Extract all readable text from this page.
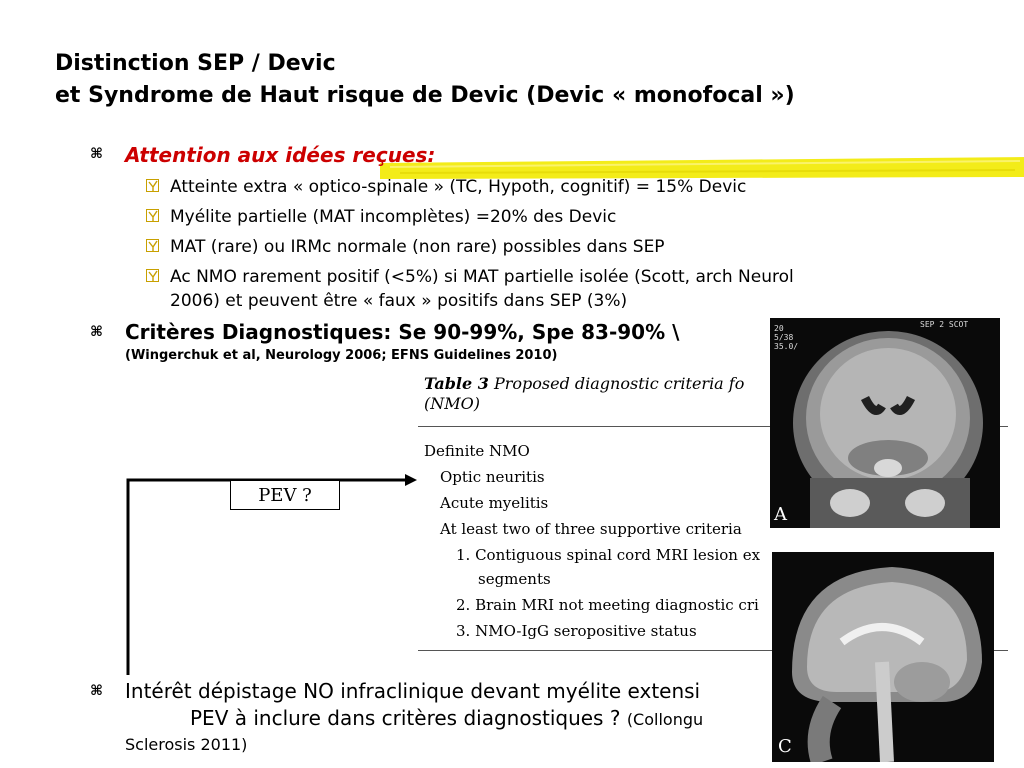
Distinction SEP / Devic
et Syndrome de Haut risque de Devic (Devic « monofocal »)
⌘ Attention aux idées reçues:
Atteinte extra « optico-spinale » (TC, Hypoth, cognitif) = 15% Devic
Myélite partielle (MAT incomplètes) =20% des Devic
MAT (rare) ou IRMc normale (non rare) possibles dans SEP
Ac NMO rarement positif (<5%) si MAT partielle isolée (Scott, arch Neurol
2006) et peuvent être « faux » positifs dans SEP (3%)
⌘ Critères Diagnostiques: Se 90-99%, Spe 83-90% \
(Wingerchuk et al, Neurology 2006; EFNS Guidelines 2010)
Table 3 Proposed diagnostic criteria fo
(NMO)
Definite NMO
Optic neuritis
Acute myelitis
At least two of three supportive criteria
1. Contiguous spinal cord MRI lesion ex
segments
2. Brain MRI not meeting diagnostic cri
3. NMO-IgG seropositive status
PEV ?
20
5/38
35.0/
SEP 2 SCOT
A
C
⌘ Intérêt dépistage NO infraclinique devant myélite extensi
PEV à inclure dans critères diagnostiques ? (Collongu
Sclerosis 2011)
